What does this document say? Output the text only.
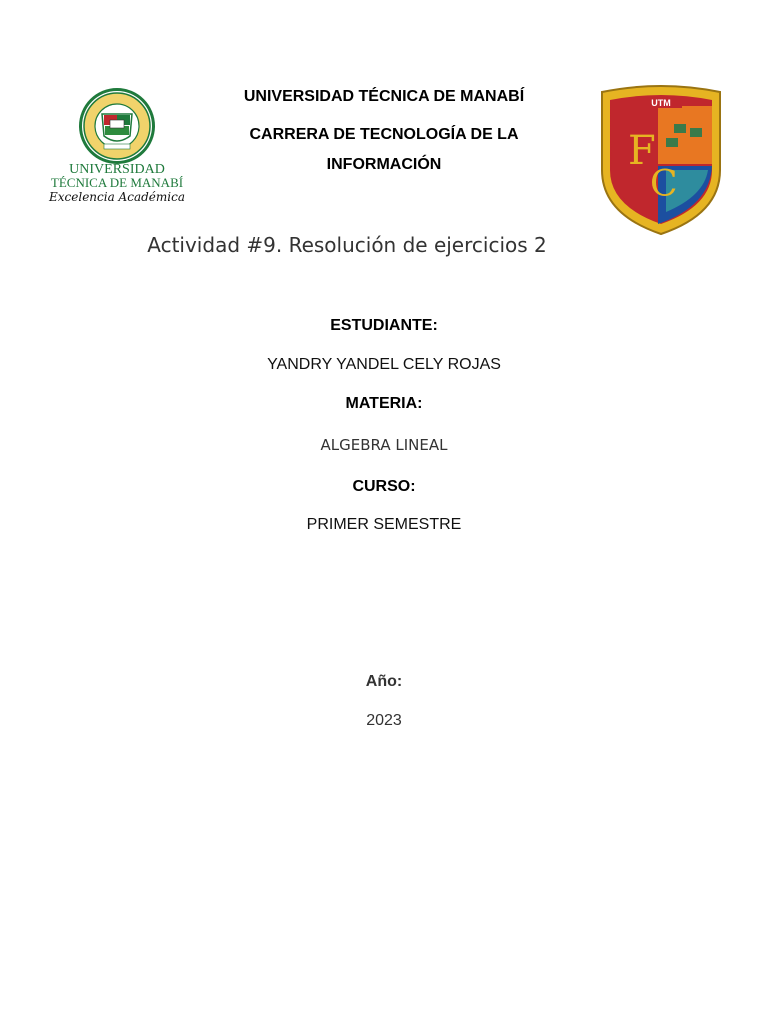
UNIVERSIDAD
TÉCNICA DE MANABÍ
Excelencia Académica
F
C
UTM
UNIVERSIDAD TÉCNICA DE MANABÍ
CARRERA DE TECNOLOGÍA DE LA
INFORMACIÓN
Actividad #9. Resolución de ejercicios 2
ESTUDIANTE:
YANDRY YANDEL CELY ROJAS
MATERIA:
ALGEBRA LINEAL
CURSO:
PRIMER SEMESTRE
Año:
2023
